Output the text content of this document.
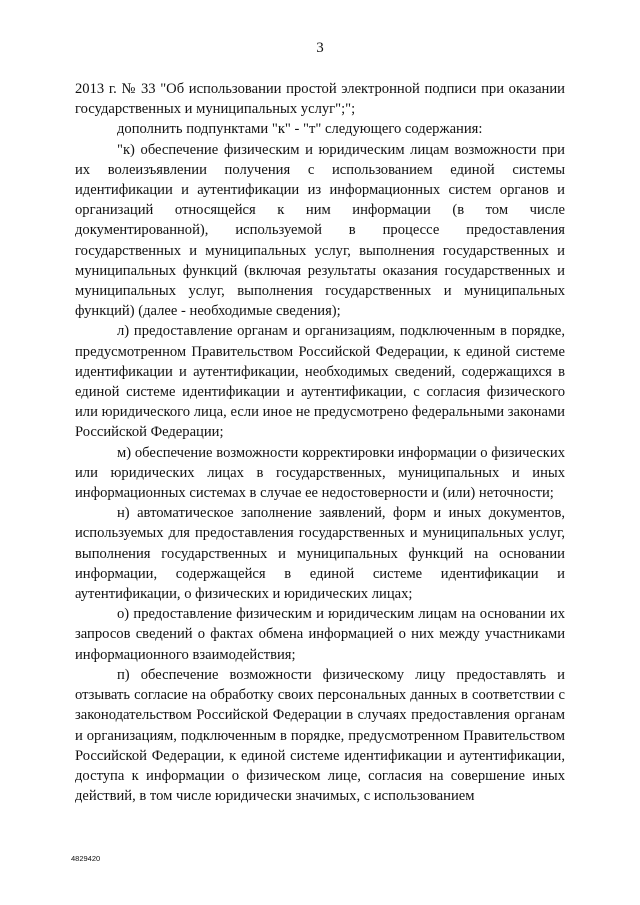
3

2013 г. № 33 "Об использовании простой электронной подписи при оказании государственных и муниципальных услуг";";

дополнить подпунктами "к" - "т" следующего содержания:

"к) обеспечение физическим и юридическим лицам возможности при их волеизъявлении получения с использованием единой системы идентификации и аутентификации из информационных систем органов и организаций относящейся к ним информации (в том числе документированной), используемой в процессе предоставления государственных и муниципальных услуг, выполнения государственных и муниципальных функций (включая результаты оказания государственных и муниципальных услуг, выполнения государственных и муниципальных функций) (далее - необходимые сведения);

л) предоставление органам и организациям, подключенным в порядке, предусмотренном Правительством Российской Федерации, к единой системе идентификации и аутентификации, необходимых сведений, содержащихся в единой системе идентификации и аутентификации, с согласия физического или юридического лица, если иное не предусмотрено федеральными законами Российской Федерации;

м) обеспечение возможности корректировки информации о физических или юридических лицах в государственных, муниципальных и иных информационных системах в случае ее недостоверности и (или) неточности;

н) автоматическое заполнение заявлений, форм и иных документов, используемых для предоставления государственных и муниципальных услуг, выполнения государственных и муниципальных функций на основании информации, содержащейся в единой системе идентификации и аутентификации, о физических и юридических лицах;

о) предоставление физическим и юридическим лицам на основании их запросов сведений о фактах обмена информацией о них между участниками информационного взаимодействия;

п) обеспечение возможности физическому лицу предоставлять и отзывать согласие на обработку своих персональных данных в соответствии с законодательством Российской Федерации в случаях предоставления органам и организациям, подключенным в порядке, предусмотренном Правительством Российской Федерации, к единой системе идентификации и аутентификации, доступа к информации о физическом лице, согласия на совершение иных действий, в том числе юридически значимых, с использованием

4829420
